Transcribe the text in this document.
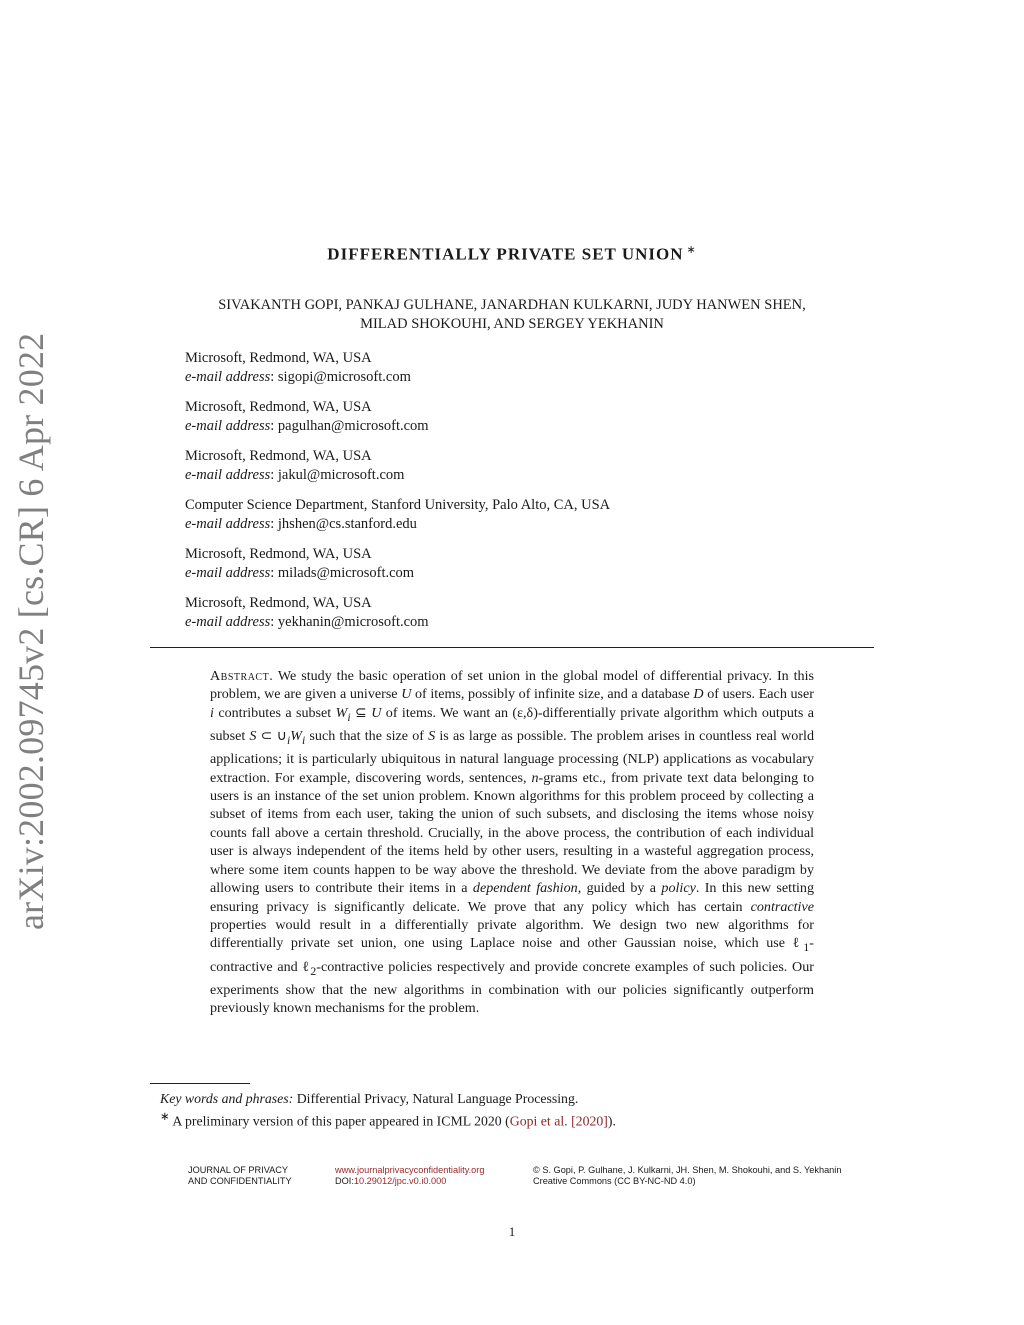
arXiv:2002.09745v2 [cs.CR] 6 Apr 2022
DIFFERENTIALLY PRIVATE SET UNION ∗
SIVAKANTH GOPI, PANKAJ GULHANE, JANARDHAN KULKARNI, JUDY HANWEN SHEN,
MILAD SHOKOUHI, AND SERGEY YEKHANIN
Microsoft, Redmond, WA, USA
e-mail address: sigopi@microsoft.com
Microsoft, Redmond, WA, USA
e-mail address: pagulhan@microsoft.com
Microsoft, Redmond, WA, USA
e-mail address: jakul@microsoft.com
Computer Science Department, Stanford University, Palo Alto, CA, USA
e-mail address: jhshen@cs.stanford.edu
Microsoft, Redmond, WA, USA
e-mail address: milads@microsoft.com
Microsoft, Redmond, WA, USA
e-mail address: yekhanin@microsoft.com
Abstract. We study the basic operation of set union in the global model of differential privacy. In this problem, we are given a universe U of items, possibly of infinite size, and a database D of users. Each user i contributes a subset $W_i$ ⊆ U of items. We want an (ε,δ)-differentially private algorithm which outputs a subset S ⊂ $\cup_iW_i$ such that the size of S is as large as possible. The problem arises in countless real world applications; it is particularly ubiquitous in natural language processing (NLP) applications as vocabulary extraction. For example, discovering words, sentences, n-grams etc., from private text data belonging to users is an instance of the set union problem. Known algorithms for this problem proceed by collecting a subset of items from each user, taking the union of such subsets, and disclosing the items whose noisy counts fall above a certain threshold. Crucially, in the above process, the contribution of each individual user is always independent of the items held by other users, resulting in a wasteful aggregation process, where some item counts happen to be way above the threshold. We deviate from the above paradigm by allowing users to contribute their items in a dependent fashion, guided by a policy. In this new setting ensuring privacy is significantly delicate. We prove that any policy which has certain contractive properties would result in a differentially private algorithm. We design two new algorithms for differentially private set union, one using Laplace noise and other Gaussian noise, which use ℓ$_1$-contractive and ℓ$_2$-contractive policies respectively and provide concrete examples of such policies. Our experiments show that the new algorithms in combination with our policies significantly outperform previously known mechanisms for the problem.
Key words and phrases: Differential Privacy, Natural Language Processing.
∗ A preliminary version of this paper appeared in ICML 2020 (Gopi et al. [2020]).
JOURNAL OF PRIVACY
AND CONFIDENTIALITY
www.journalprivacyconfidentiality.org
DOI:10.29012/jpc.v0.i0.000
© S. Gopi, P. Gulhane, J. Kulkarni, JH. Shen, M. Shokouhi, and S. Yekhanin
Creative Commons (CC BY-NC-ND 4.0)
1
